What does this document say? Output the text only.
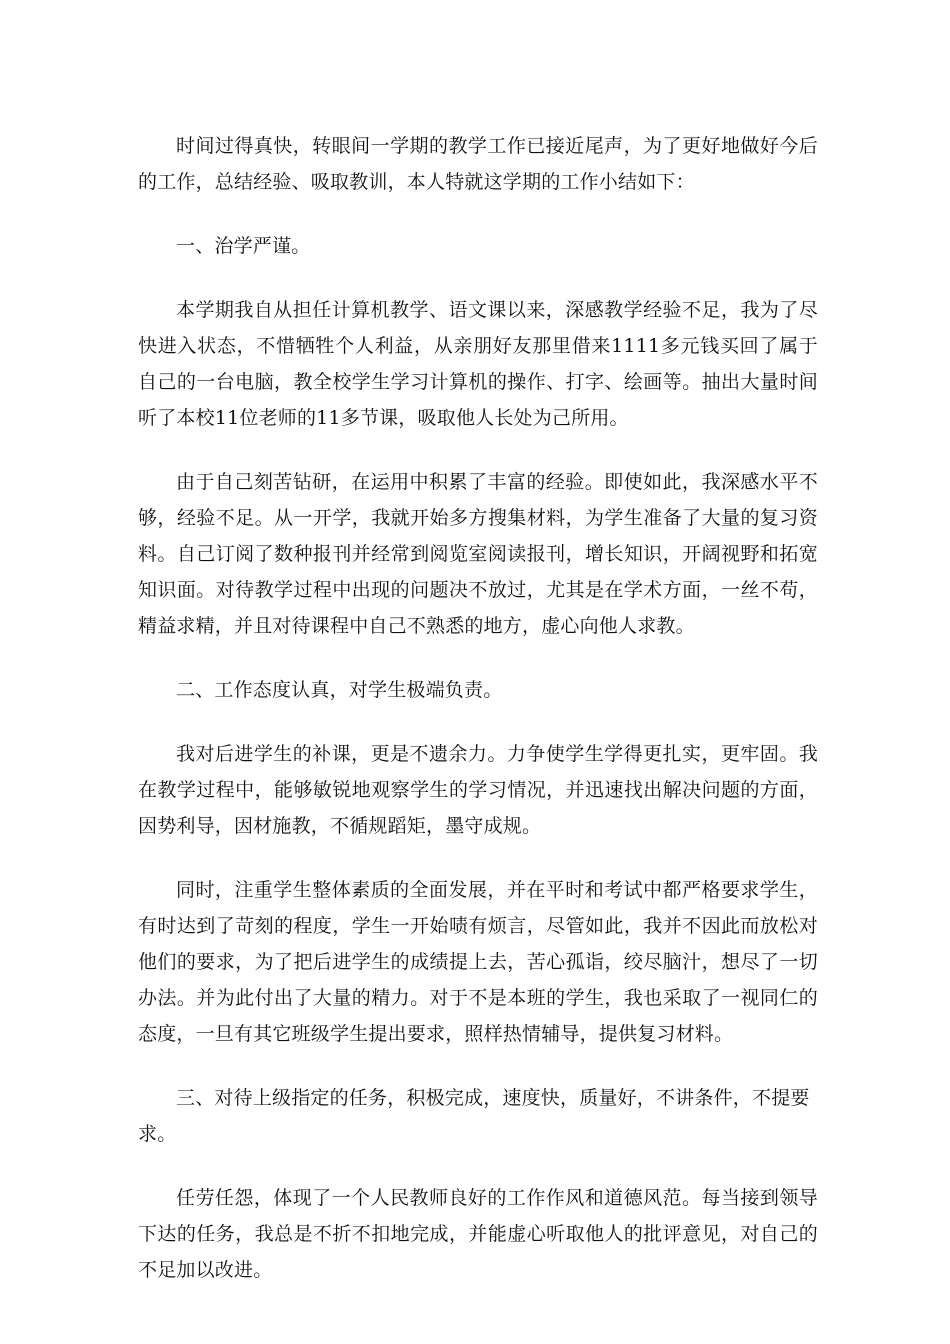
时间过得真快，转眼间一学期的教学工作已接近尾声，为了更好地做好今后的工作，总结经验、吸取教训，本人特就这学期的工作小结如下：

一、治学严谨。

本学期我自从担任计算机教学、语文课以来，深感教学经验不足，我为了尽快进入状态，不惜牺牲个人利益，从亲朋好友那里借来1111多元钱买回了属于自己的一台电脑，教全校学生学习计算机的操作、打字、绘画等。抽出大量时间听了本校11位老师的11多节课，吸取他人长处为己所用。

由于自己刻苦钻研，在运用中积累了丰富的经验。即使如此，我深感水平不够，经验不足。从一开学，我就开始多方搜集材料，为学生准备了大量的复习资料。自己订阅了数种报刊并经常到阅览室阅读报刊，增长知识，开阔视野和拓宽知识面。对待教学过程中出现的问题决不放过，尤其是在学术方面，一丝不苟，精益求精，并且对待课程中自己不熟悉的地方，虚心向他人求教。

二、工作态度认真，对学生极端负责。

我对后进学生的补课，更是不遗余力。力争使学生学得更扎实，更牢固。我在教学过程中，能够敏锐地观察学生的学习情况，并迅速找出解决问题的方面，因势利导，因材施教，不循规蹈矩，墨守成规。

同时，注重学生整体素质的全面发展，并在平时和考试中都严格要求学生，有时达到了苛刻的程度，学生一开始啧有烦言，尽管如此，我并不因此而放松对他们的要求，为了把后进学生的成绩提上去，苦心孤诣，绞尽脑汁，想尽了一切办法。并为此付出了大量的精力。对于不是本班的学生，我也采取了一视同仁的态度，一旦有其它班级学生提出要求，照样热情辅导，提供复习材料。

三、对待上级指定的任务，积极完成，速度快，质量好，不讲条件，不提要求。

任劳任怨，体现了一个人民教师良好的工作作风和道德风范。每当接到领导下达的任务，我总是不折不扣地完成，并能虚心听取他人的批评意见，对自己的不足加以改进。
